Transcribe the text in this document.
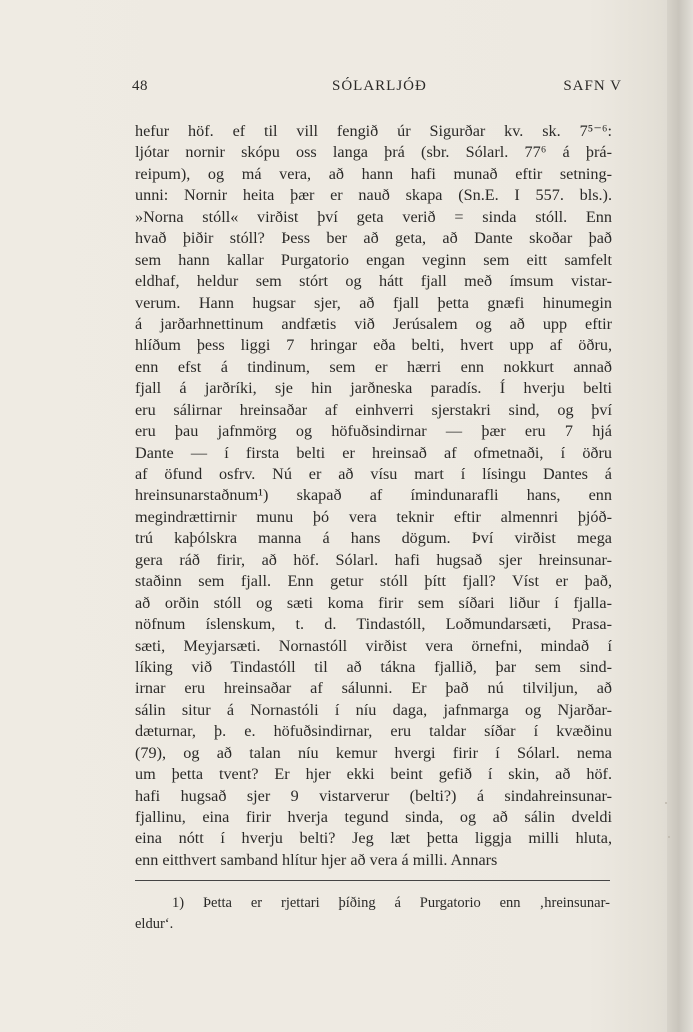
48	SÓLARLJÓÐ	SAFN V
hefur höf. ef til vill fengið úr Sigurðar kv. sk. 7⁵⁻⁶:
ljótar nornir skópu oss langa þrá (sbr. Sólarl. 77⁶ á þrá-
reipum), og má vera, að hann hafi munað eftir setning-
unni: Nornir heita þær er nauð skapa (Sn.E. I 557. bls.).
»Norna stóll« virðist því geta verið = sinda stóll. Enn
hvað þiðir stóll? Þess ber að geta, að Dante skoðar það
sem hann kallar Purgatorio engan veginn sem eitt samfelt
eldhaf, heldur sem stórt og hátt fjall með ímsum vistar-
verum. Hann hugsar sjer, að fjall þetta gnæfi hinumegin
á jarðarhnettinum andfætis við Jerúsalem og að upp eftir
hlíðum þess liggi 7 hringar eða belti, hvert upp af öðru,
enn efst á tindinum, sem er hærri enn nokkurt annað
fjall á jarðríki, sje hin jarðneska paradís. Í hverju belti
eru sálirnar hreinsaðar af einhverri sjerstakri sind, og því
eru þau jafnmörg og höfuðsindirnar — þær eru 7 hjá
Dante — í firsta belti er hreinsað af ofmetnaði, í öðru
af öfund osfrv. Nú er að vísu mart í lísingu Dantes á
hreinsunarstaðnum¹) skapað af ímindunarafli hans, enn
megindrættirnir munu þó vera teknir eftir almennri þjóð-
trú kaþólskra manna á hans dögum. Því virðist mega
gera ráð firir, að höf. Sólarl. hafi hugsað sjer hreinsunar-
staðinn sem fjall. Enn getur stóll þítt fjall? Víst er það,
að orðin stóll og sæti koma firir sem síðari liður í fjalla-
nöfnum íslenskum, t. d. Tindastóll, Loðmundarsæti, Prasa-
sæti, Meyjarsæti. Nornastóll virðist vera örnefni, mindað í
líking við Tindastóll til að tákna fjallið, þar sem sind-
irnar eru hreinsaðar af sálunni. Er það nú tilviljun, að
sálin situr á Nornastóli í níu daga, jafnmarga og Njarðar-
dæturnar, þ. e. höfuðsindirnar, eru taldar síðar í kvæðinu
(79), og að talan níu kemur hvergi firir í Sólarl. nema
um þetta tvent? Er hjer ekki beint gefið í skin, að höf.
hafi hugsað sjer 9 vistarverur (belti?) á sindahreinsunar-
fjallinu, eina firir hverja tegund sinda, og að sálin dveldi
eina nótt í hverju belti? Jeg læt þetta liggja milli hluta,
enn eitthvert samband hlítur hjer að vera á milli. Annars
1) Þetta er rjettari þíðing á Purgatorio enn ‚hreinsunar-
eldur‘.
